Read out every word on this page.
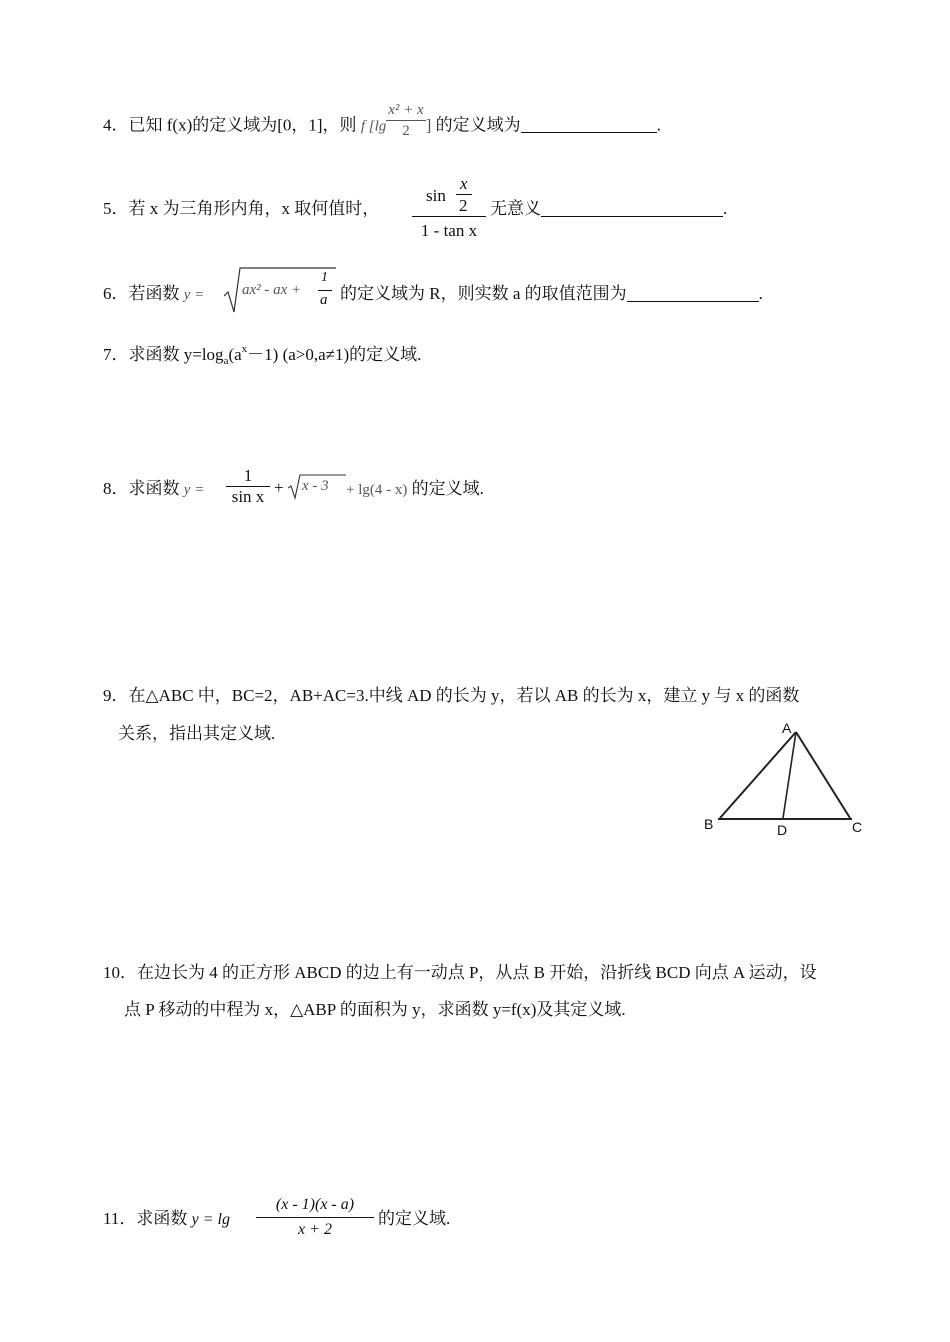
4．已知 f(x)的定义域为[0，1]，则 f [$\lg \frac{\text{x² + x}}{2}$ ] 的定义域为	.
5．若 x 为三角形内角，x 取何值时，
sin
x
2
1 - tan x
无意义	.
6．若函数 y =	ax² - ax +
1
a 的定义域为 R，则实数 a 的取值范围为	.
7．求函数 $y=\log_a(a^x-1)$ (a>0,a≠1)的定义域.
8．求函数 $y = \frac{1}{\text{sin x}} + x - 3 + \lg(4 - x)$ 的定义域.
9．在△ABC 中，BC=2，AB+AC=3.中线 AD 的长为 y，若以 AB 的长为 x，建立 y 与 x 的函数
关系，指出其定义域.	A
B	D	C
10．在边长为 4 的正方形 ABCD 的边上有一动点 P，从点 B 开始，沿折线 BCD 向点 A 运动，设
点 P 移动的中程为 x，△ABP 的面积为 y，求函数 y=f(x)及其定义域.
11．求函数 $y = \lg \frac{(x - 1)(x - a)}{x + 2}$ 的定义域.
